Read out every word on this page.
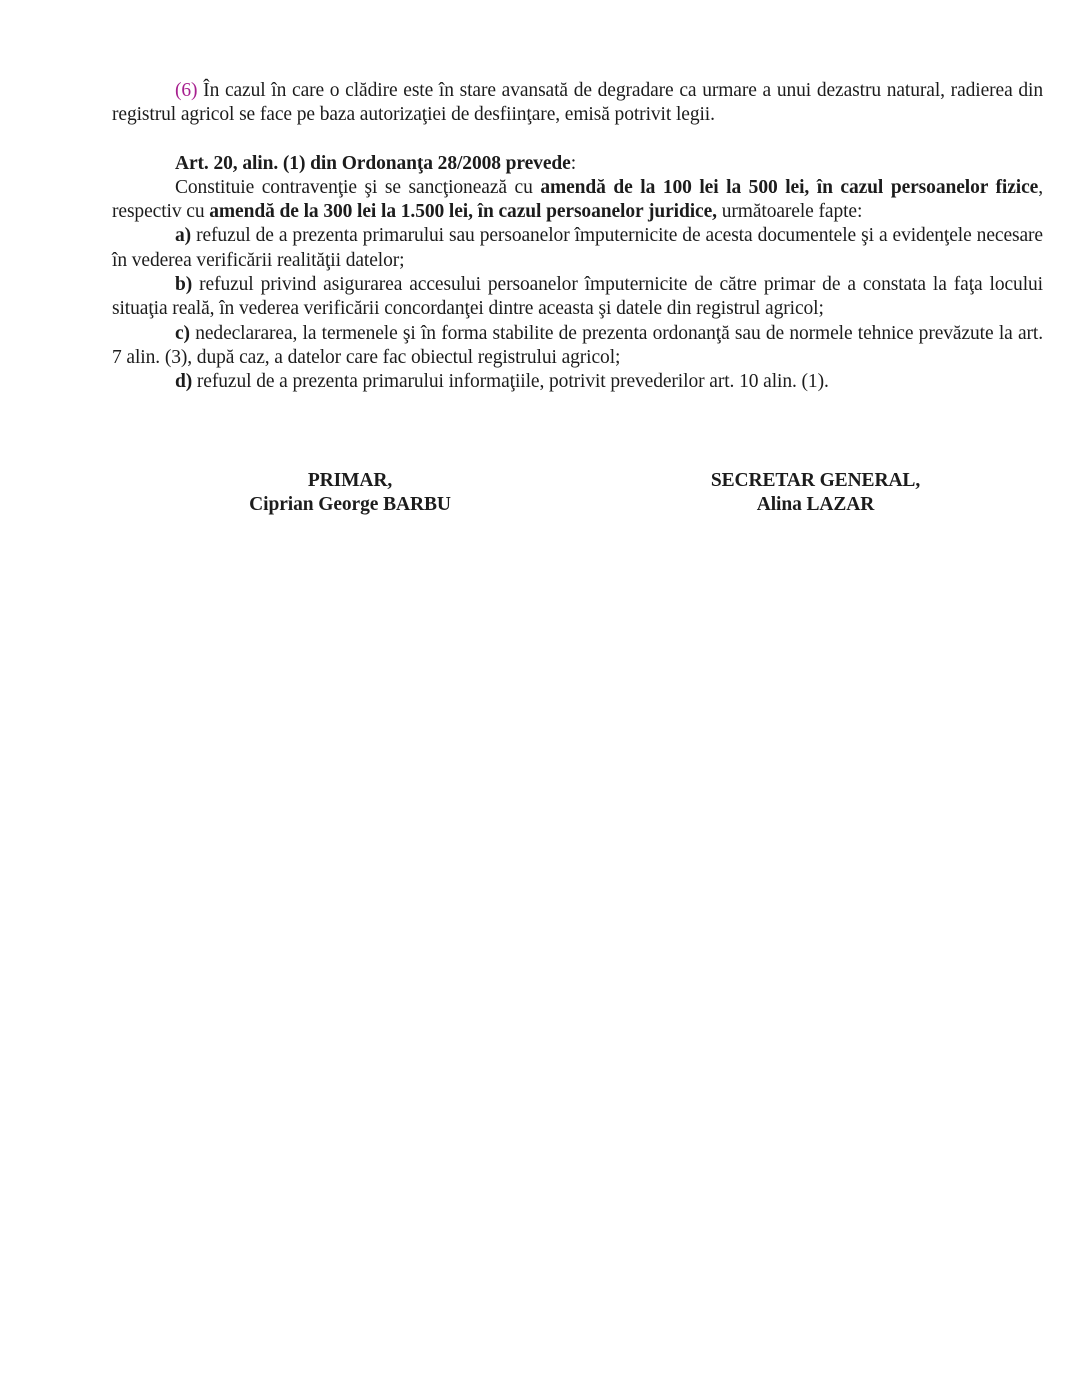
(6) În cazul în care o clădire este în stare avansată de degradare ca urmare a unui dezastru natural, radierea din registrul agricol se face pe baza autorizaţiei de desfiinţare, emisă potrivit legii.

Art. 20, alin. (1) din Ordonanţa 28/2008 prevede:

Constituie contravenţie şi se sancţionează cu amendă de la 100 lei la 500 lei, în cazul persoanelor fizice, respectiv cu amendă de la 300 lei la 1.500 lei, în cazul persoanelor juridice, următoarele fapte:

a) refuzul de a prezenta primarului sau persoanelor împuternicite de acesta documentele şi a evidenţele necesare în vederea verificării realităţii datelor;

b) refuzul privind asigurarea accesului persoanelor împuternicite de către primar de a constata la faţa locului situaţia reală, în vederea verificării concordanţei dintre aceasta şi datele din registrul agricol;

c) nedeclararea, la termenele şi în forma stabilite de prezenta ordonanţă sau de normele tehnice prevăzute la art. 7 alin. (3), după caz, a datelor care fac obiectul registrului agricol;

d) refuzul de a prezenta primarului informaţiile, potrivit prevederilor art. 10 alin. (1).

PRIMAR,
Ciprian George BARBU
SECRETAR GENERAL,
Alina LAZAR
